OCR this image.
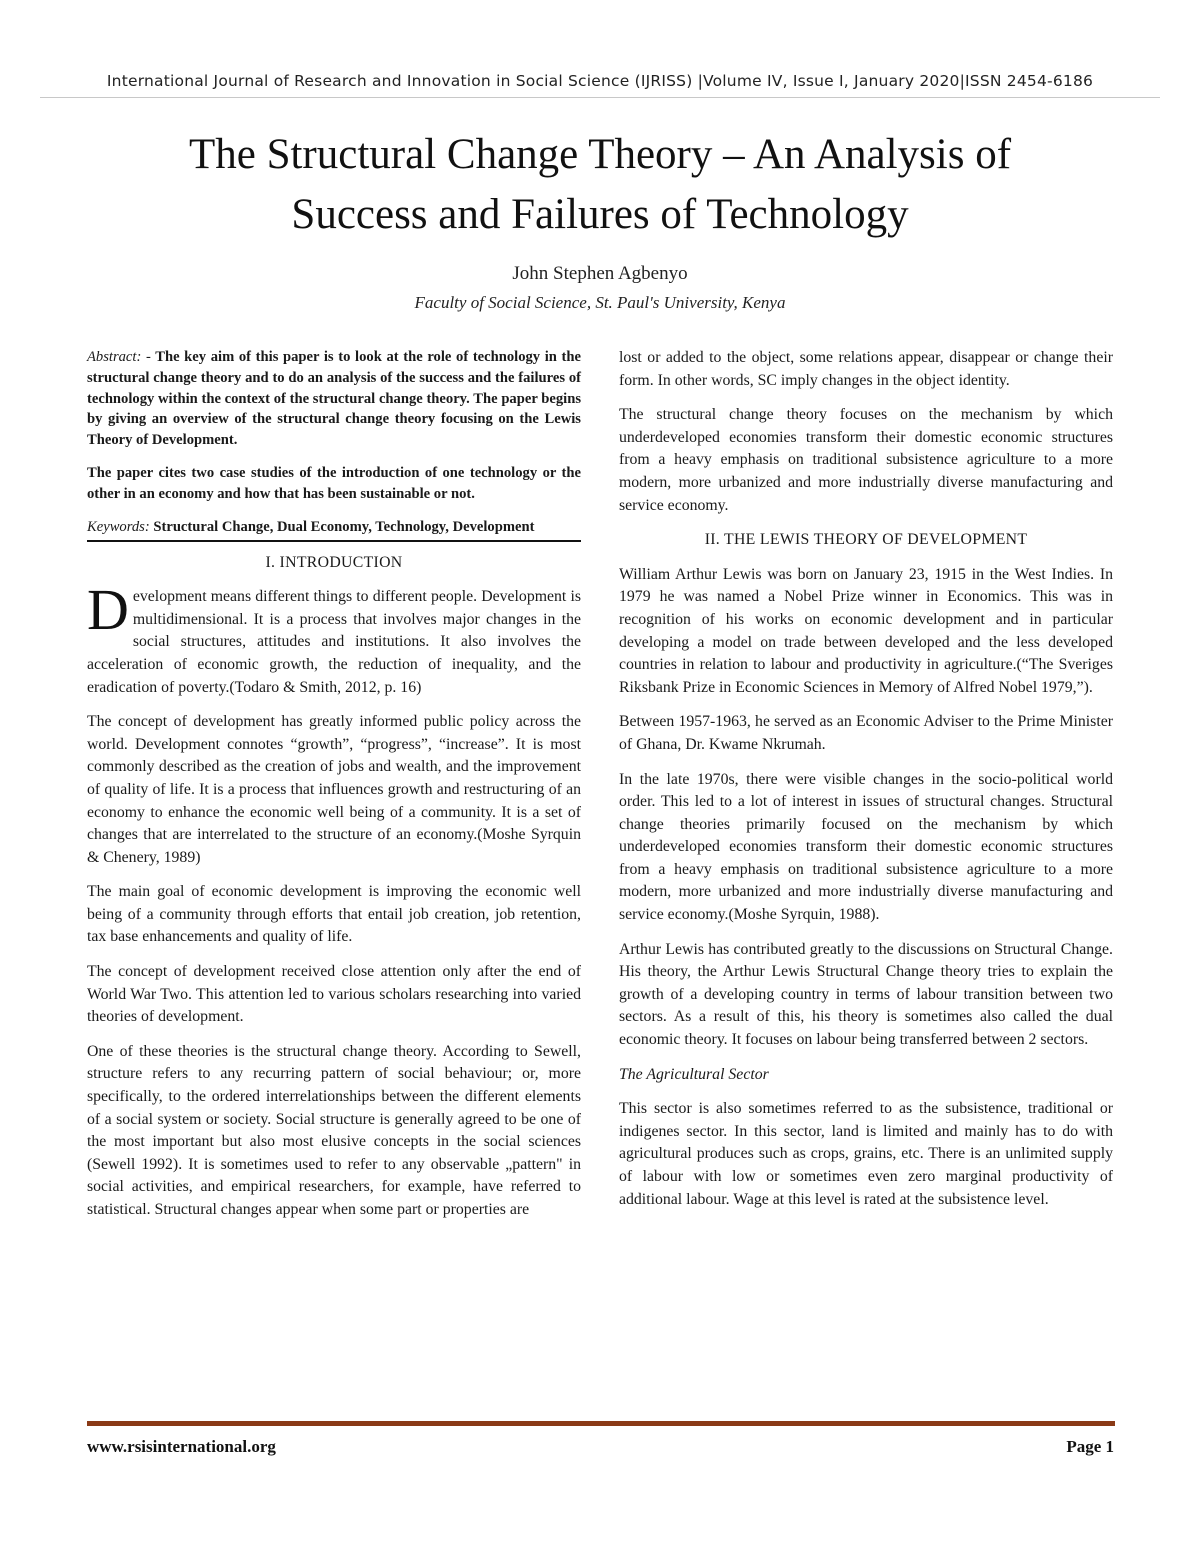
International Journal of Research and Innovation in Social Science (IJRISS) |Volume IV, Issue I, January 2020|ISSN 2454-6186
The Structural Change Theory – An Analysis of
Success and Failures of Technology
John Stephen Agbenyo
Faculty of Social Science, St. Paul's University, Kenya

Abstract: - The key aim of this paper is to look at the role of technology in the structural change theory and to do an analysis of the success and the failures of technology within the context of the structural change theory. The paper begins by giving an overview of the structural change theory focusing on the Lewis Theory of Development.

The paper cites two case studies of the introduction of one technology or the other in an economy and how that has been sustainable or not.

Keywords: Structural Change, Dual Economy, Technology, Development
I. INTRODUCTION

Development means different things to different people. Development is multidimensional. It is a process that involves major changes in the social structures, attitudes and institutions. It also involves the acceleration of economic growth, the reduction of inequality, and the eradication of poverty.(Todaro & Smith, 2012, p. 16)

The concept of development has greatly informed public policy across the world. Development connotes “growth”, “progress”, “increase”. It is most commonly described as the creation of jobs and wealth, and the improvement of quality of life. It is a process that influences growth and restructuring of an economy to enhance the economic well being of a community. It is a set of changes that are interrelated to the structure of an economy.(Moshe Syrquin & Chenery, 1989)

The main goal of economic development is improving the economic well being of a community through efforts that entail job creation, job retention, tax base enhancements and quality of life.

The concept of development received close attention only after the end of World War Two. This attention led to various scholars researching into varied theories of development.

One of these theories is the structural change theory. According to Sewell, structure refers to any recurring pattern of social behaviour; or, more specifically, to the ordered interrelationships between the different elements of a social system or society. Social structure is generally agreed to be one of the most important but also most elusive concepts in the social sciences (Sewell 1992). It is sometimes used to refer to any observable „pattern" in social activities, and empirical researchers, for example, have referred to statistical. Structural changes appear when some part or properties are

lost or added to the object, some relations appear, disappear or change their form. In other words, SC imply changes in the object identity.

The structural change theory focuses on the mechanism by which underdeveloped economies transform their domestic economic structures from a heavy emphasis on traditional subsistence agriculture to a more modern, more urbanized and more industrially diverse manufacturing and service economy.

II. THE LEWIS THEORY OF DEVELOPMENT

William Arthur Lewis was born on January 23, 1915 in the West Indies. In 1979 he was named a Nobel Prize winner in Economics. This was in recognition of his works on economic development and in particular developing a model on trade between developed and the less developed countries in relation to labour and productivity in agriculture.(“The Sveriges Riksbank Prize in Economic Sciences in Memory of Alfred Nobel 1979,”).

Between 1957-1963, he served as an Economic Adviser to the Prime Minister of Ghana, Dr. Kwame Nkrumah.

In the late 1970s, there were visible changes in the socio-political world order. This led to a lot of interest in issues of structural changes. Structural change theories primarily focused on the mechanism by which underdeveloped economies transform their domestic economic structures from a heavy emphasis on traditional subsistence agriculture to a more modern, more urbanized and more industrially diverse manufacturing and service economy.(Moshe Syrquin, 1988).

Arthur Lewis has contributed greatly to the discussions on Structural Change. His theory, the Arthur Lewis Structural Change theory tries to explain the growth of a developing country in terms of labour transition between two sectors. As a result of this, his theory is sometimes also called the dual economic theory. It focuses on labour being transferred between 2 sectors.

The Agricultural Sector

This sector is also sometimes referred to as the subsistence, traditional or indigenes sector. In this sector, land is limited and mainly has to do with agricultural produces such as crops, grains, etc. There is an unlimited supply of labour with low or sometimes even zero marginal productivity of additional labour. Wage at this level is rated at the subsistence level.

www.rsisinternational.org	Page 1
